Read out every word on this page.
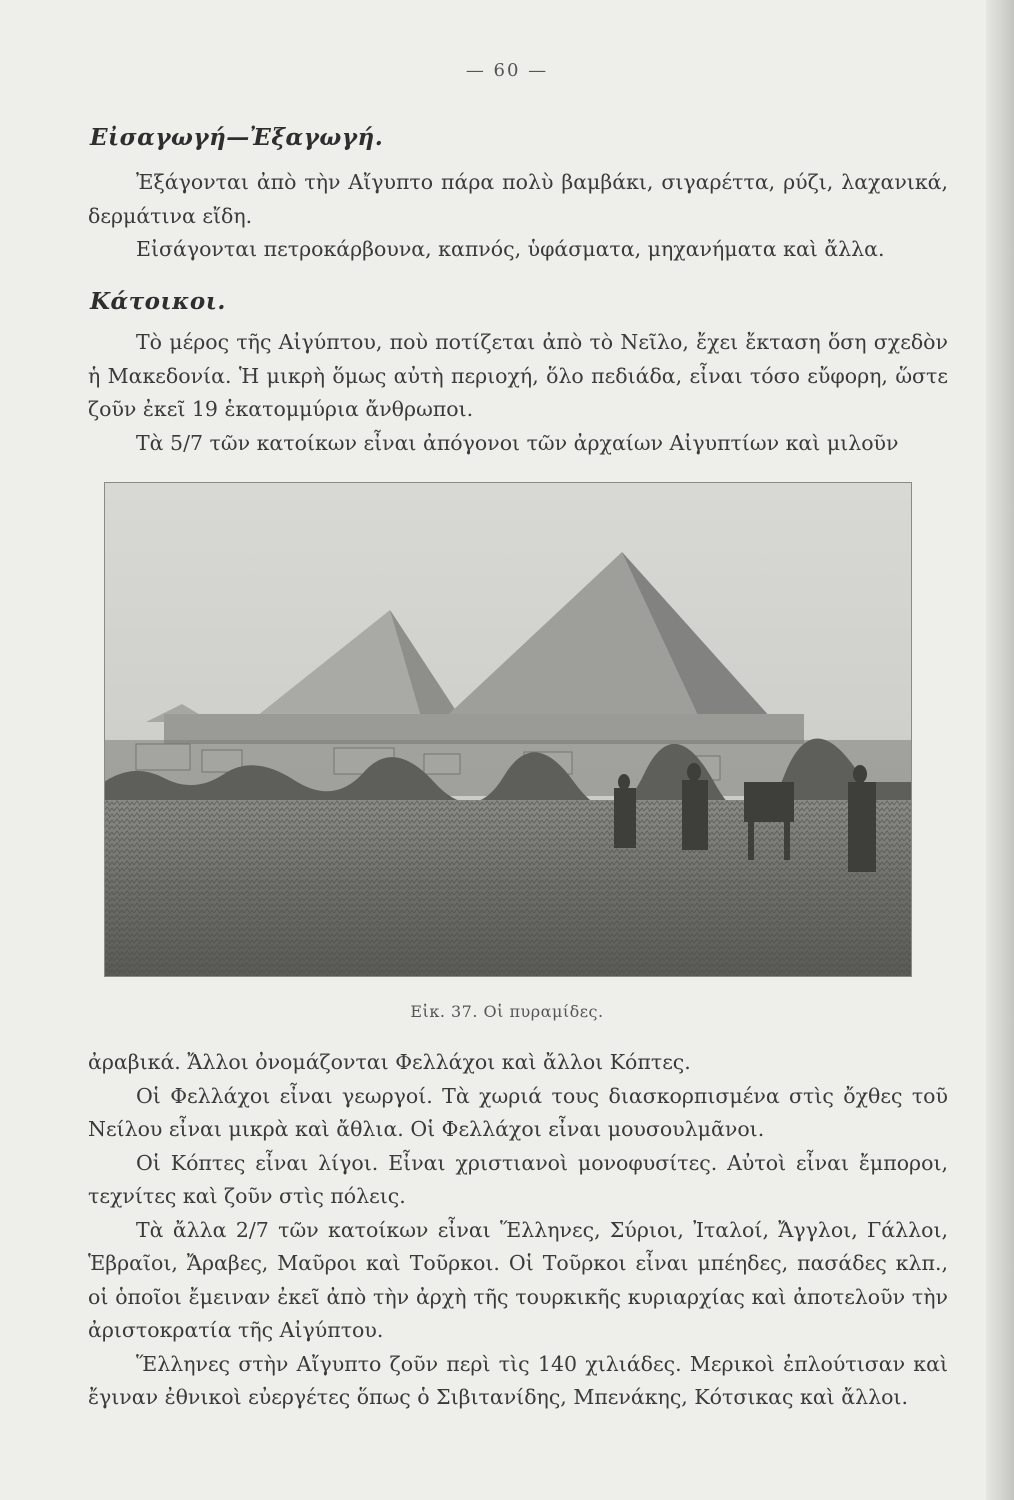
— 60 —
Εἰσαγωγή—Ἐξαγωγή.

Ἐξάγονται ἀπὸ τὴν Αἴγυπτο πάρα πολὺ βαμβάκι, σιγαρέττα, ρύζι, λαχανικά, δερμάτινα εἴδη.

Εἰσάγονται πετροκάρβουνα, καπνός, ὑφάσματα, μηχανήματα καὶ ἄλλα.

Κάτοικοι.

Τὸ μέρος τῆς Αἰγύπτου, ποὺ ποτίζεται ἀπὸ τὸ Νεῖλο, ἔχει ἔκταση ὅση σχεδὸν ἡ Μακεδονία. Ἡ μικρὴ ὅμως αὐτὴ περιοχή, ὅλο πεδιάδα, εἶναι τόσο εὔφορη, ὥστε ζοῦν ἐκεῖ 19 ἑκατομμύρια ἄνθρωποι.

Τὰ 5/7 τῶν κατοίκων εἶναι ἀπόγονοι τῶν ἀρχαίων Αἰγυπτίων καὶ μιλοῦν

Εἰκ. 37. Οἱ πυραμίδες.

ἀραβικά. Ἄλλοι ὀνομάζονται Φελλάχοι καὶ ἄλλοι Κόπτες.

Οἱ Φελλάχοι εἶναι γεωργοί. Τὰ χωριά τους διασκορπισμένα στὶς ὄχθες τοῦ Νείλου εἶναι μικρὰ καὶ ἄθλια. Οἱ Φελλάχοι εἶναι μουσουλμᾶνοι.

Οἱ Κόπτες εἶναι λίγοι. Εἶναι χριστιανοὶ μονοφυσίτες. Αὐτοὶ εἶναι ἔμποροι, τεχνίτες καὶ ζοῦν στὶς πόλεις.

Τὰ ἄλλα 2/7 τῶν κατοίκων εἶναι Ἕλληνες, Σύριοι, Ἰταλοί, Ἄγγλοι, Γάλλοι, Ἑβραῖοι, Ἄραβες, Μαῦροι καὶ Τοῦρκοι. Οἱ Τοῦρκοι εἶναι μπέηδες, πασάδες κλπ., οἱ ὁποῖοι ἔμειναν ἐκεῖ ἀπὸ τὴν ἀρχὴ τῆς τουρκικῆς κυριαρχίας καὶ ἀποτελοῦν τὴν ἀριστοκρατία τῆς Αἰγύπτου.

Ἕλληνες στὴν Αἴγυπτο ζοῦν περὶ τὶς 140 χιλιάδες. Μερικοὶ ἐπλούτισαν καὶ ἔγιναν ἐθνικοὶ εὐεργέτες ὅπως ὁ Σιβιτανίδης, Μπενάκης, Κότσικας καὶ ἄλλοι.
